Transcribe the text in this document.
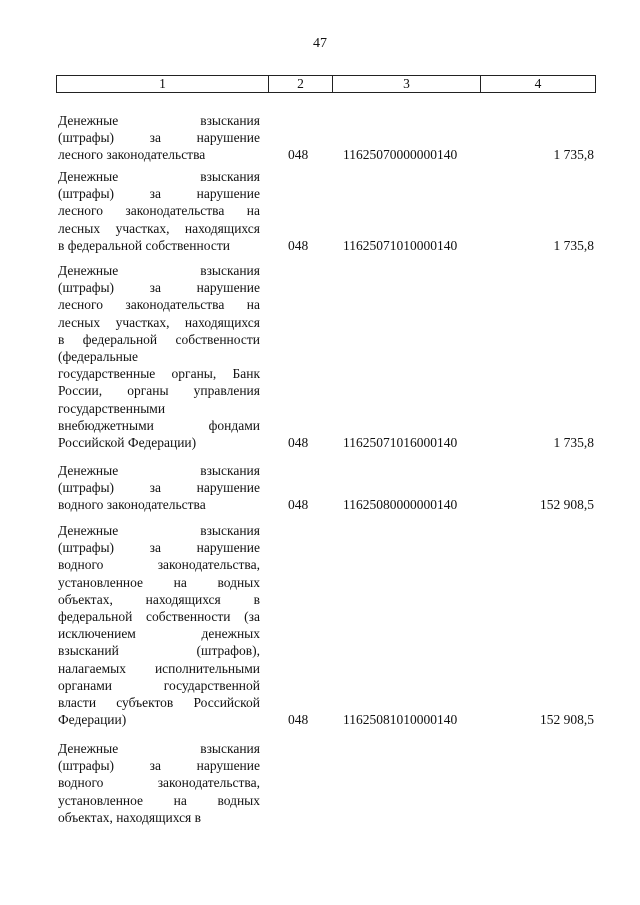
47
1	2	3	4
Денежные взыскания
(штрафы) за нарушение
лесного законодательства	048	11625070000000140	1 735,8
Денежные взыскания
(штрафы) за нарушение
лесного законодательства на
лесных участках, находящихся
в федеральной собственности	048	11625071010000140	1 735,8
Денежные взыскания
(штрафы) за нарушение
лесного законодательства на
лесных участках, находящихся
в федеральной собственности
(федеральные
государственные органы, Банк
России, органы управления
государственными
внебюджетными фондами
Российской Федерации)	048	11625071016000140	1 735,8
Денежные взыскания
(штрафы) за нарушение
водного законодательства	048	11625080000000140	152 908,5
Денежные взыскания
(штрафы) за нарушение
водного законодательства,
установленное на водных
объектах, находящихся в
федеральной собственности (за
исключением денежных
взысканий (штрафов),
налагаемых исполнительными
органами государственной
власти субъектов Российской
Федерации)	048	11625081010000140	152 908,5
Денежные взыскания
(штрафы) за нарушение
водного законодательства,
установленное на водных
объектах, находящихся в
